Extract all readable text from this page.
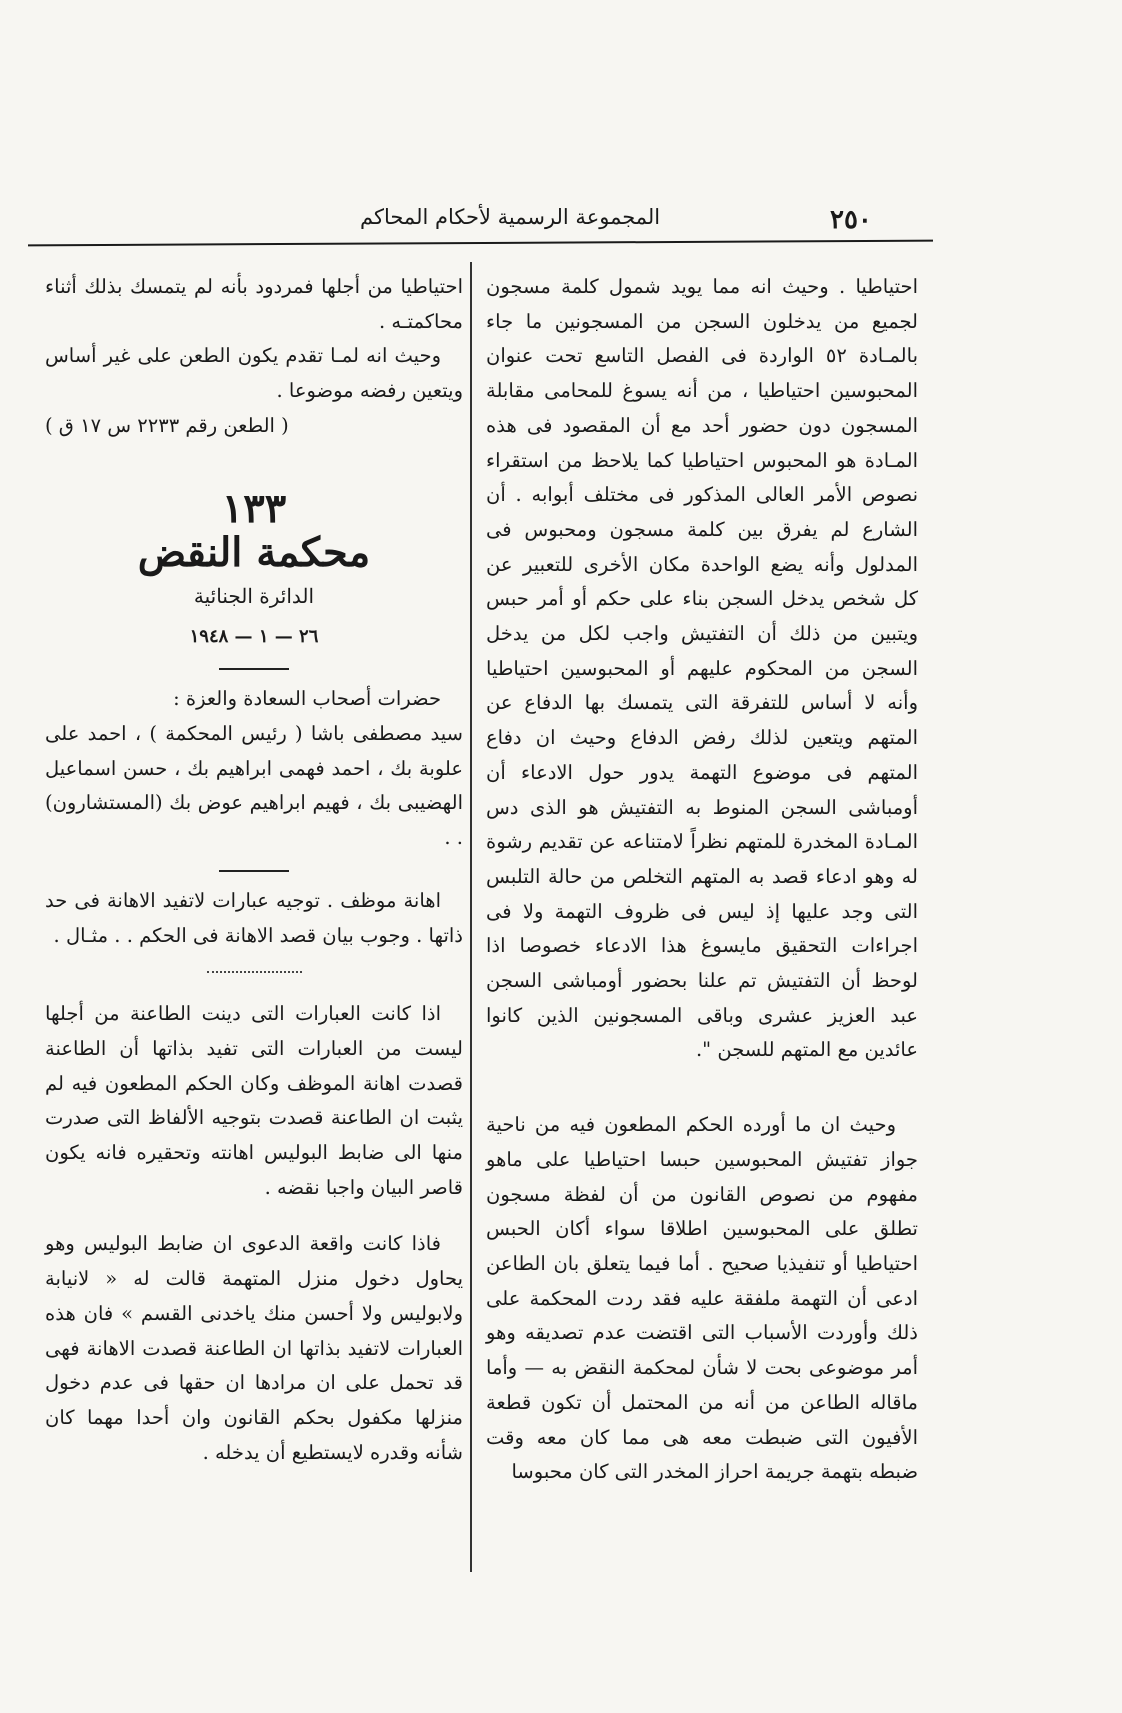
٢٥٠
المجموعة الرسمية لأحكام المحاكم

احتياطيا . وحيث انه مما يويد شمول كلمة مسجون لجميع من يدخلون السجن من المسجونين ما جاء بالمـادة ٥٢ الواردة فى الفصل التاسع تحت عنوان المحبوسين احتياطيا ، من أنه يسوغ للمحامى مقابلة المسجون دون حضور أحد مع أن المقصود فى هذه المـادة هو المحبوس احتياطيا كما يلاحظ من استقراء نصوص الأمر العالى المذكور فى مختلف أبوابه . أن الشارع لم يفرق بين كلمة مسجون ومحبوس فى المدلول وأنه يضع الواحدة مكان الأخرى للتعبير عن كل شخص يدخل السجن بناء على حكم أو أمر حبس ويتبين من ذلك أن التفتيش واجب لكل من يدخل السجن من المحكوم عليهم أو المحبوسين احتياطيا وأنه لا أساس للتفرقة التى يتمسك بها الدفاع عن المتهم ويتعين لذلك رفض الدفاع وحيث ان دفاع المتهم فى موضوع التهمة يدور حول الادعاء أن أومباشى السجن المنوط به التفتيش هو الذى دس المـادة المخدرة للمتهم نظراً لامتناعه عن تقديم رشوة له وهو ادعاء قصد به المتهم التخلص من حالة التلبس التى وجد عليها إذ ليس فى ظروف التهمة ولا فى اجراءات التحقيق مايسوغ هذا الادعاء خصوصا اذا لوحظ أن التفتيش تم علنا بحضور أومباشى السجن عبد العزيز عشرى وباقى المسجونين الذين كانوا عائدين مع المتهم للسجن ".

وحيث ان ما أورده الحكم المطعون فيه من ناحية جواز تفتيش المحبوسين حبسا احتياطيا على ماهو مفهوم من نصوص القانون من أن لفظة مسجون تطلق على المحبوسين اطلاقا سواء أكان الحبس احتياطيا أو تنفيذيا صحيح . أما فيما يتعلق بان الطاعن ادعى أن التهمة ملفقة عليه فقد ردت المحكمة على ذلك وأوردت الأسباب التى اقتضت عدم تصديقه وهو أمر موضوعى بحت لا شأن لمحكمة النقض به — وأما ماقاله الطاعن من أنه من المحتمل أن تكون قطعة الأفيون التى ضبطت معه هى مما كان معه وقت ضبطه بتهمة جريمة احراز المخدر التى كان محبوسا

احتياطيا من أجلها فمردود بأنه لم يتمسك بذلك أثناء محاكمتـه .

وحيث انه لمـا تقدم يكون الطعن على غير أساس ويتعين رفضه موضوعا .

( الطعن رقم ٢٢٣٣ س ١٧ ق )

١٣٣
محكمة النقض
الدائرة الجنائية
٢٦ — ١ — ١٩٤٨

حضرات أصحاب السعادة والعزة :

سيد مصطفى باشا ( رئيس المحكمة ) ، احمد على علوبة بك ، احمد فهمى ابراهيم بك ، حسن اسماعيل الهضيبى بك ، فهيم ابراهيم عوض بك (المستشارون) . .

اهانة موظف . توجيه عبارات لاتفيد الاهانة فى حد ذاتها . وجوب بيان قصد الاهانة فى الحكم . . مثـال .

اذا كانت العبارات التى دينت الطاعنة من أجلها ليست من العبارات التى تفيد بذاتها أن الطاعنة قصدت اهانة الموظف وكان الحكم المطعون فيه لم يثبت ان الطاعنة قصدت بتوجيه الألفاظ التى صدرت منها الى ضابط البوليس اهانته وتحقيره فانه يكون قاصر البيان واجبا نقضه .

فاذا كانت واقعة الدعوى ان ضابط البوليس وهو يحاول دخول منزل المتهمة قالت له « لانيابة ولابوليس ولا أحسن منك ياخدنى القسم » فان هذه العبارات لاتفيد بذاتها ان الطاعنة قصدت الاهانة فهى قد تحمل على ان مرادها ان حقها فى عدم دخول منزلها مكفول بحكم القانون وان أحدا مهما كان شأنه وقدره لايستطيع أن يدخله .
